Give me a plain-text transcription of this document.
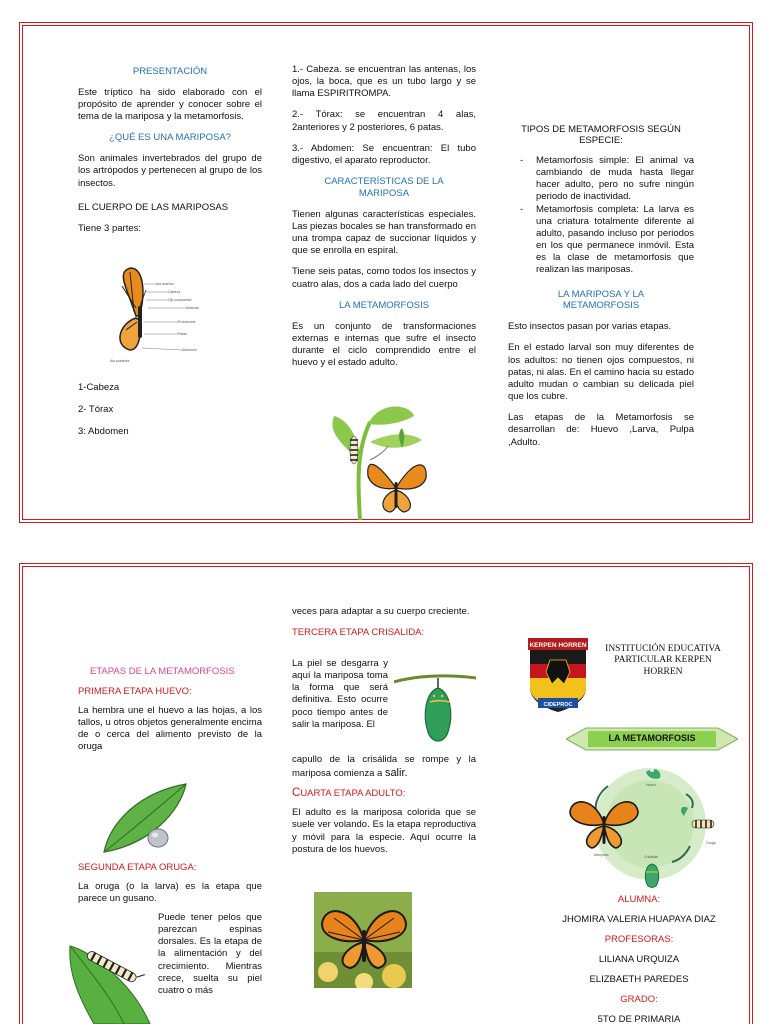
PRESENTACIÓN

Este tríptico ha sido elaborado con el propósito de aprender y conocer sobre el tema de la mariposa y la metamorfosis.

¿QUÉ ES UNA MARIPOSA?

Son animales invertebrados del grupo de los artrópodos y pertenecen al grupo de los insectos.

EL CUERPO DE LAS MARIPOSAS
Tiene 3 partes:
Ala anterior
Cabeza
Ojo compuesto
Antenas
Probóscide
Patas
Abdomen
Ala posterior
1-Cabeza
2- Tórax
3: Abdomen

1.- Cabeza. se encuentran las antenas, los ojos, la boca, que es un tubo largo y se llama ESPIRITROMPA.

2.- Tórax: se encuentran 4 alas, 2anteriores y 2 posteriores, 6 patas.

3.- Abdomen: Se encuentran: El tubo digestivo, el aparato reproductor.

CARACTERÍSTICAS DE LA MARIPOSA

Tienen algunas características especiales. Las piezas bocales se han transformado en una trompa capaz de succionar líquidos y que se enrolla en espiral.

Tiene seis patas, como todos los insectos y cuatro alas, dos a cada lado del cuerpo

LA METAMORFOSIS

Es un conjunto de transformaciones externas e internas que sufre el insecto durante el ciclo comprendido entre el huevo y el estado adulto.

TIPOS DE METAMORFOSIS SEGÚN ESPECIE:
- Metamorfosis simple: El animal va cambiando de muda hasta llegar hacer adulto, pero no sufre ningún periodo de inactividad.
- Metamorfosis completa: La larva es una criatura totalmente diferente al adulto, pasando incluso por periodos en los que permanece inmóvil. Esta es la clase de metamorfosis que realizan las mariposas.
LA MARIPOSA Y LA METAMORFOSIS

Esto insectos pasan por varias etapas.

En el estado larval son muy diferentes de los adultos: no tienen ojos compuestos, ni patas, ni alas. En el camino hacia su estado adulto mudan o cambian su delicada piel que los cubre.

Las etapas de la Metamorfosis se desarrollan de: Huevo ,Larva, Pulpa ,Adulto.

ETAPAS DE LA METAMORFOSIS
PRIMERA ETAPA HUEVO:

La hembra une el huevo a las hojas, a los tallos, u otros objetos generalmente encima de o cerca del alimento previsto de la oruga

SEGUNDA ETAPA ORUGA:

La oruga (o la larva) es la etapa que parece un gusano.

Puede tener pelos que parezcan espinas dorsales. Es la etapa de la alimentación y del crecimiento. Mientras crece, suelta su piel cuatro o más

veces para adaptar a su cuerpo creciente.

TERCERA ETAPA CRISALIDA:

La piel se desgarra y aquí la mariposa toma la forma que será definitiva. Esto ocurre poco tiempo antes de salir la mariposa. El

capullo de la crisálida se rompe y la mariposa comienza a salir.

CUARTA ETAPA ADULTO:

El adulto es la mariposa colorida que se suele ver volando. Es la etapa reproductiva y móvil para la especie. Aquí ocurre la postura de los huevos.

KERPEN HORREN
CIDEPROC
INSTITUCIÓN EDUCATIVA PARTICULAR KERPEN HORREN
LA METAMORFOSIS
Huevo
Oruga
Crisálida
Mariposa
ALUMNA:
JHOMIRA VALERIA HUAPAYA DIAZ
PROFESORAS:
LILIANA URQUIZA
ELIZBAETH PAREDES
GRADO:
5TO DE PRIMARIA
